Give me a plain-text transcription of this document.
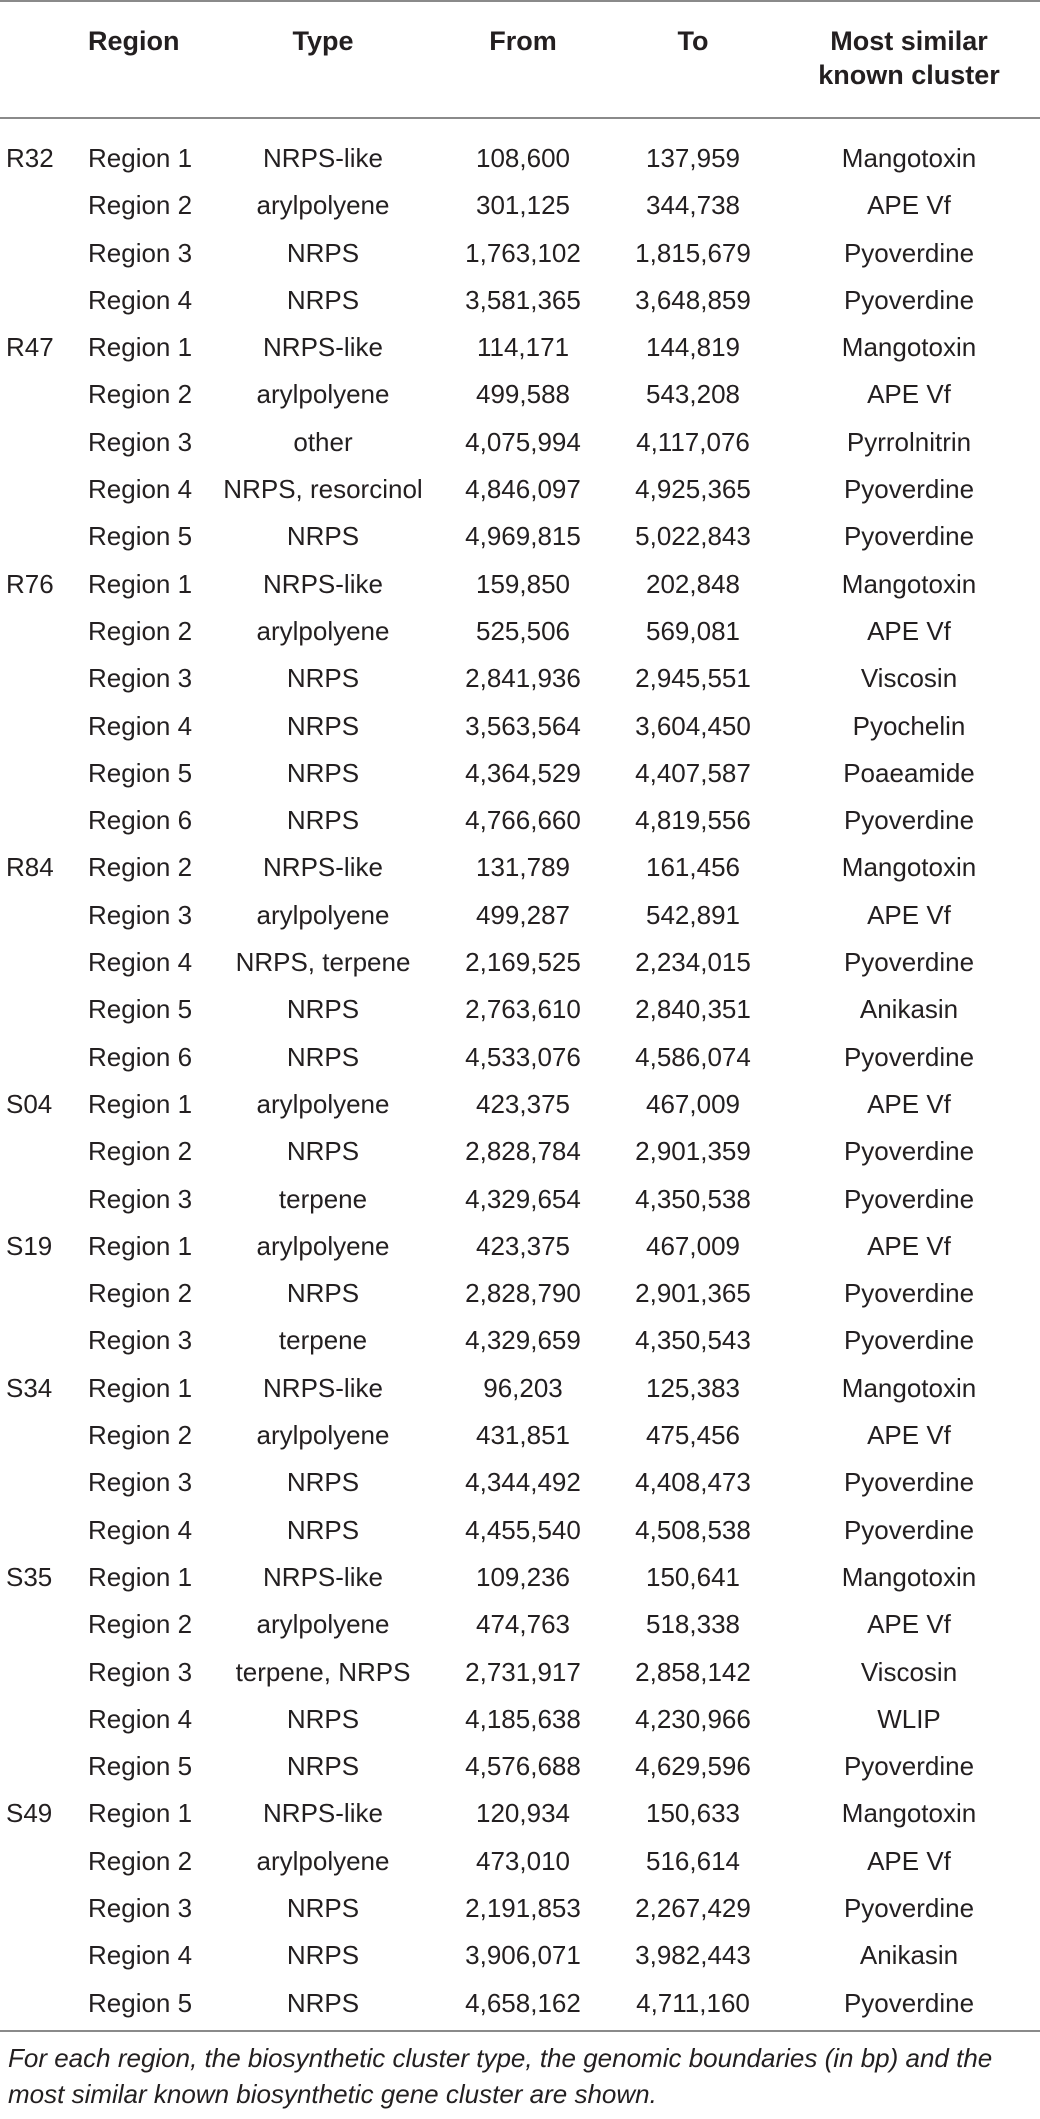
	Region	Type	From	To	Most similar
known cluster

R32	Region 1	NRPS-like	108,600	137,959	Mangotoxin
	Region 2	arylpolyene	301,125	344,738	APE Vf
	Region 3	NRPS	1,763,102	1,815,679	Pyoverdine
	Region 4	NRPS	3,581,365	3,648,859	Pyoverdine
R47	Region 1	NRPS-like	114,171	144,819	Mangotoxin
	Region 2	arylpolyene	499,588	543,208	APE Vf
	Region 3	other	4,075,994	4,117,076	Pyrrolnitrin
	Region 4	NRPS, resorcinol	4,846,097	4,925,365	Pyoverdine
	Region 5	NRPS	4,969,815	5,022,843	Pyoverdine
R76	Region 1	NRPS-like	159,850	202,848	Mangotoxin
	Region 2	arylpolyene	525,506	569,081	APE Vf
	Region 3	NRPS	2,841,936	2,945,551	Viscosin
	Region 4	NRPS	3,563,564	3,604,450	Pyochelin
	Region 5	NRPS	4,364,529	4,407,587	Poaeamide
	Region 6	NRPS	4,766,660	4,819,556	Pyoverdine
R84	Region 2	NRPS-like	131,789	161,456	Mangotoxin
	Region 3	arylpolyene	499,287	542,891	APE Vf
	Region 4	NRPS, terpene	2,169,525	2,234,015	Pyoverdine
	Region 5	NRPS	2,763,610	2,840,351	Anikasin
	Region 6	NRPS	4,533,076	4,586,074	Pyoverdine
S04	Region 1	arylpolyene	423,375	467,009	APE Vf
	Region 2	NRPS	2,828,784	2,901,359	Pyoverdine
	Region 3	terpene	4,329,654	4,350,538	Pyoverdine
S19	Region 1	arylpolyene	423,375	467,009	APE Vf
	Region 2	NRPS	2,828,790	2,901,365	Pyoverdine
	Region 3	terpene	4,329,659	4,350,543	Pyoverdine
S34	Region 1	NRPS-like	96,203	125,383	Mangotoxin
	Region 2	arylpolyene	431,851	475,456	APE Vf
	Region 3	NRPS	4,344,492	4,408,473	Pyoverdine
	Region 4	NRPS	4,455,540	4,508,538	Pyoverdine
S35	Region 1	NRPS-like	109,236	150,641	Mangotoxin
	Region 2	arylpolyene	474,763	518,338	APE Vf
	Region 3	terpene, NRPS	2,731,917	2,858,142	Viscosin
	Region 4	NRPS	4,185,638	4,230,966	WLIP
	Region 5	NRPS	4,576,688	4,629,596	Pyoverdine
S49	Region 1	NRPS-like	120,934	150,633	Mangotoxin
	Region 2	arylpolyene	473,010	516,614	APE Vf
	Region 3	NRPS	2,191,853	2,267,429	Pyoverdine
	Region 4	NRPS	3,906,071	3,982,443	Anikasin
	Region 5	NRPS	4,658,162	4,711,160	Pyoverdine
For each region, the biosynthetic cluster type, the genomic boundaries (in bp) and the most similar known biosynthetic gene cluster are shown.
